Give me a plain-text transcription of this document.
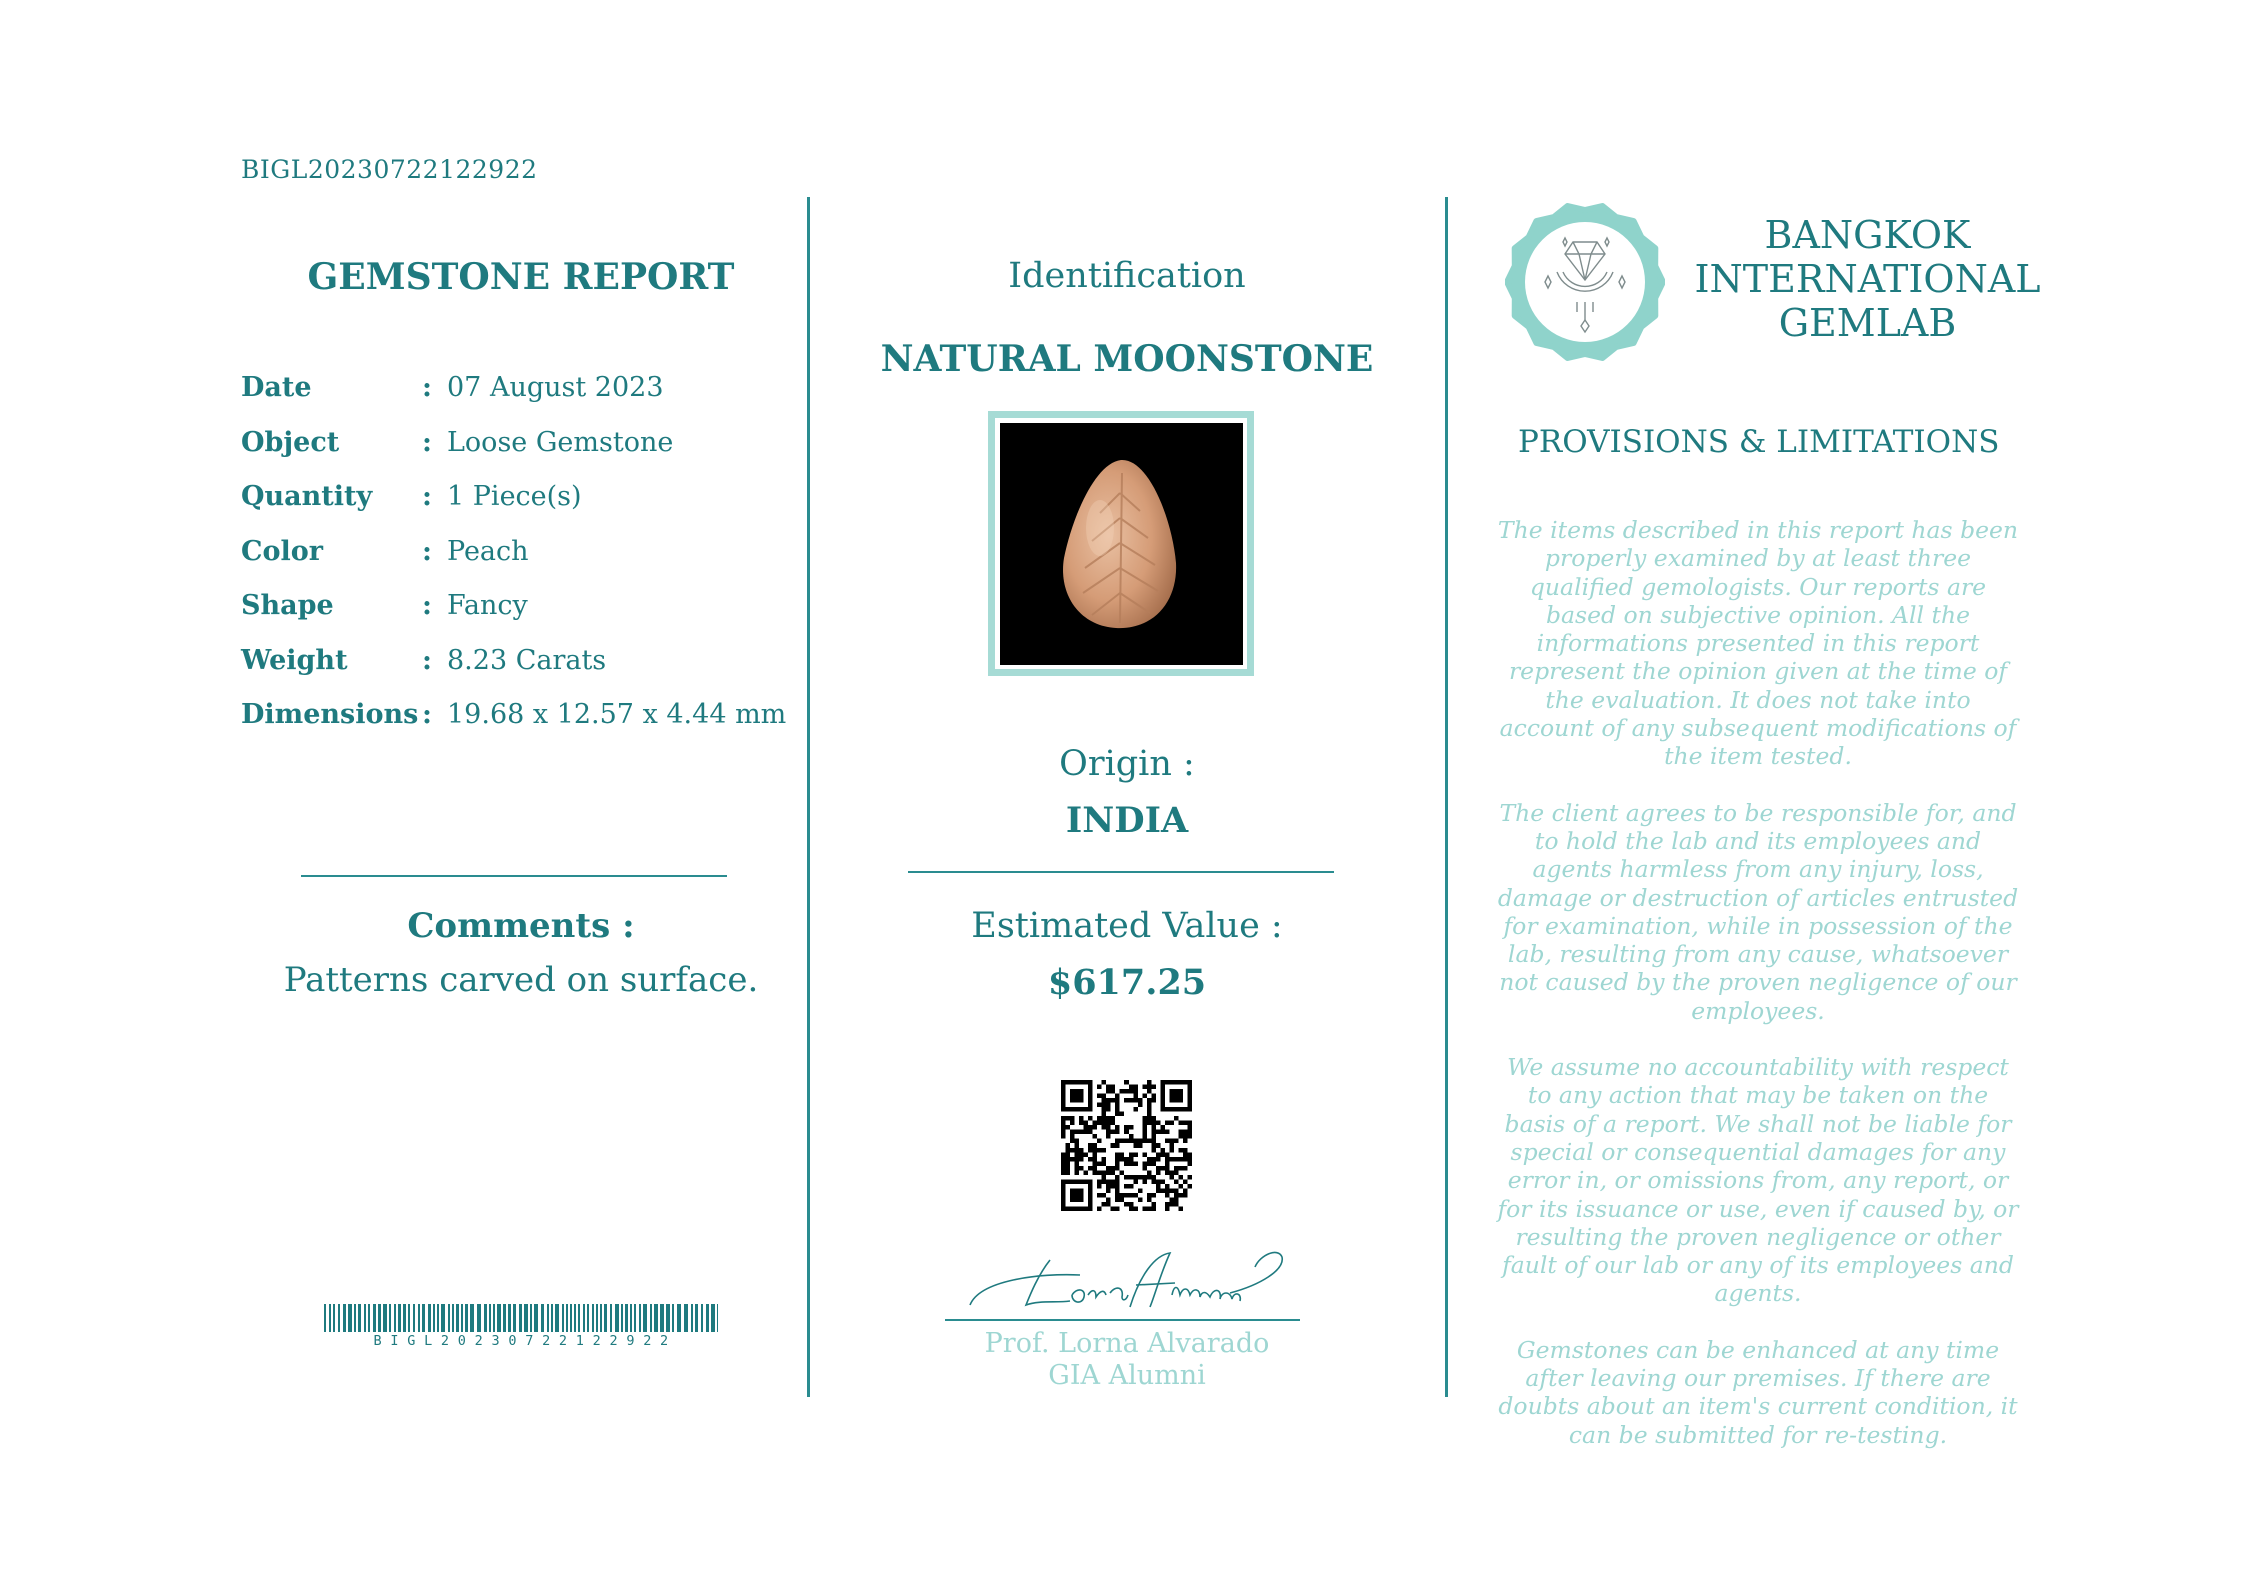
BIGL20230722122922
GEMSTONE REPORT
Date	: 07 August 2023
Object	: Loose Gemstone
Quantity	: 1 Piece(s)
Color	: Peach
Shape	: Fancy
Weight	: 8.23 Carats
Dimensions : 19.68 x 12.57 x 4.44 mm
Comments :
Patterns carved on surface.
B I G L 2 0 2 3 0 7 2 2 1 2 2 9 2 2
Identification
NATURAL MOONSTONE
Origin :
INDIA
Estimated Value :
$617.25
Prof. Lorna Alvarado
GIA Alumni
BANGKOK
INTERNATIONAL
GEMLAB
PROVISIONS & LIMITATIONS

The items described in this report has been properly examined by at least three qualified gemologists. Our reports are based on subjective opinion. All the informations presented in this report represent the opinion given at the time of the evaluation. It does not take into account of any subsequent modifications of the item tested.

The client agrees to be responsible for, and to hold the lab and its employees and agents harmless from any injury, loss, damage or destruction of articles entrusted for examination, while in possession of the lab, resulting from any cause, whatsoever not caused by the proven negligence of our employees.

We assume no accountability with respect to any action that may be taken on the basis of a report. We shall not be liable for special or consequential damages for any error in, or omissions from, any report, or for its issuance or use, even if caused by, or resulting the proven negligence or other fault of our lab or any of its employees and agents.

Gemstones can be enhanced at any time after leaving our premises. If there are doubts about an item's current condition, it can be submitted for re-testing.
